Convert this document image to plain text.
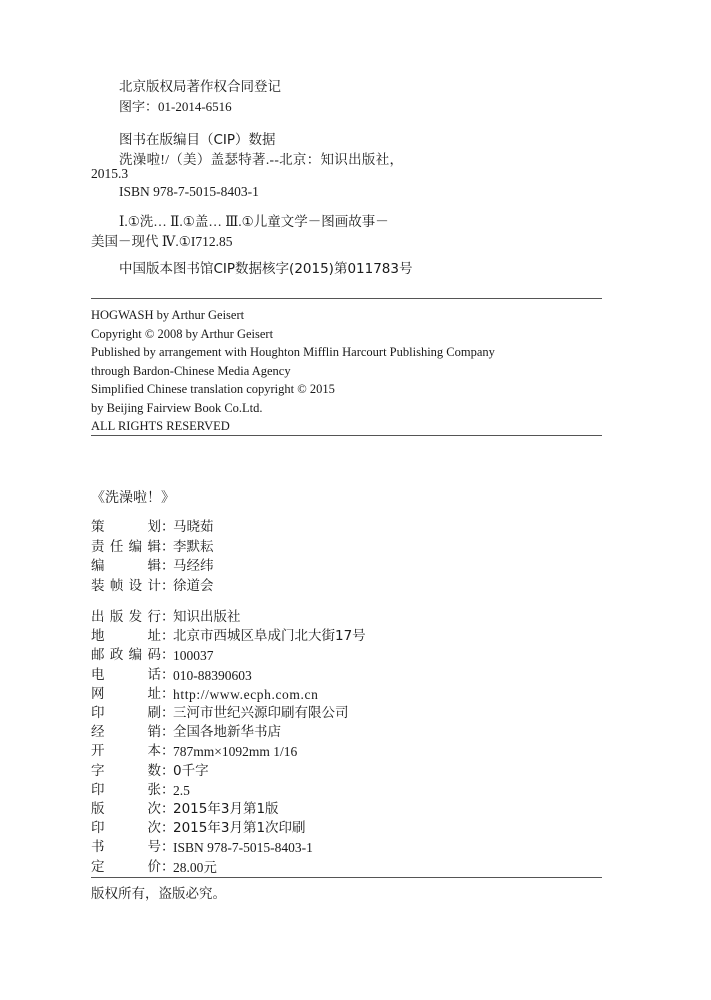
北京版权局著作权合同登记
图字：01-2014-6516
图书在版编目（CIP）数据
洗澡啦!/（美）盖瑟特著.--北京：知识出版社，
2015.3
ISBN 978-7-5015-8403-1
Ⅰ.①洗… Ⅱ.①盖… Ⅲ.①儿童文学－图画故事－
美国－现代 Ⅳ.①I712.85
中国版本图书馆CIP数据核字(2015)第011783号
HOGWASH by Arthur Geisert
Copyright © 2008 by Arthur Geisert
Published by arrangement with Houghton Mifflin Harcourt Publishing Company
through Bardon-Chinese Media Agency
Simplified Chinese translation copyright © 2015
by Beijing Fairview Book Co.Ltd.
ALL RIGHTS RESERVED
《洗澡啦！》
策划 ：
马晓茹
责任编辑 ：
李默耘
编辑 ：
马经纬
装帧设计 ：
徐道会
出版发行 ：
知识出版社
地址 ：
北京市西城区阜成门北大街17号
邮政编码 ：
100037
电话 ：
010-88390603
网址 ：
http://www.ecph.com.cn
印刷 ：
三河市世纪兴源印刷有限公司
经销 ：
全国各地新华书店
开本 ：
787mm×1092mm 1/16
字数 ：
0千字
印张 ：
2.5
版次 ：
2015年3月第1版
印次 ：
2015年3月第1次印刷
书号 ：
ISBN 978-7-5015-8403-1
定价 ：
28.00元
版权所有，盗版必究。
